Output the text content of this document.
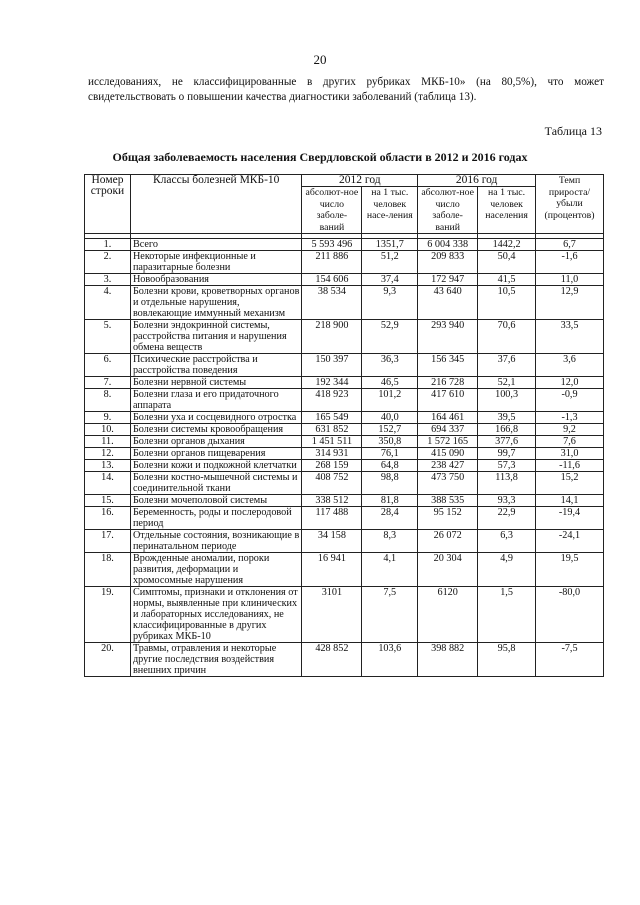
20
исследованиях, не классифицированные в других рубриках МКБ-10» (на 80,5%), что может свидетельствовать о повышении качества диагностики заболеваний (таблица 13).
Таблица 13
Общая заболеваемость населения Свердловской области в 2012 и 2016 годах
Номер строки	Классы болезней МКБ-10	2012 год		2016 год		Темп прироста/ убыли (процентов)
		абсолют-ное число заболе-ваний	на 1 тыс. человек насе-ления	абсолют-ное число заболе-ваний	на 1 тыс. человек населения	

1.	Всего	5 593 496	1351,7	6 004 338	1442,2	6,7
2.	Некоторые инфекционные и паразитарные болезни	211 886	51,2	209 833	50,4	-1,6
3.	Новообразования	154 606	37,4	172 947	41,5	11,0
4.	Болезни крови, кроветворных органов и отдельные нарушения, вовлекающие иммунный механизм	38 534	9,3	43 640	10,5	12,9
5.	Болезни эндокринной системы, расстройства питания и нарушения обмена веществ	218 900	52,9	293 940	70,6	33,5
6.	Психические расстройства и расстройства поведения	150 397	36,3	156 345	37,6	3,6
7.	Болезни нервной системы	192 344	46,5	216 728	52,1	12,0
8.	Болезни глаза и его придаточного аппарата	418 923	101,2	417 610	100,3	-0,9
9.	Болезни уха и сосцевидного отростка	165 549	40,0	164 461	39,5	-1,3
10.	Болезни системы кровообращения	631 852	152,7	694 337	166,8	9,2
11.	Болезни органов дыхания	1 451 511	350,8	1 572 165	377,6	7,6
12.	Болезни органов пищеварения	314 931	76,1	415 090	99,7	31,0
13.	Болезни кожи и подкожной клетчатки	268 159	64,8	238 427	57,3	-11,6
14.	Болезни костно-мышечной системы и соединительной ткани	408 752	98,8	473 750	113,8	15,2
15.	Болезни мочеполовой системы	338 512	81,8	388 535	93,3	14,1
16.	Беременность, роды и послеродовой период	117 488	28,4	95 152	22,9	-19,4
17.	Отдельные состояния, возникающие в перинатальном периоде	34 158	8,3	26 072	6,3	-24,1
18.	Врожденные аномалии, пороки развития, деформации и хромосомные нарушения	16 941	4,1	20 304	4,9	19,5
19.	Симптомы, признаки и отклонения от нормы, выявленные при клинических и лабораторных исследованиях, не классифицированные в других рубриках МКБ-10	3101	7,5	6120	1,5	-80,0
20.	Травмы, отравления и некоторые другие последствия воздействия внешних причин	428 852	103,6	398 882	95,8	-7,5
